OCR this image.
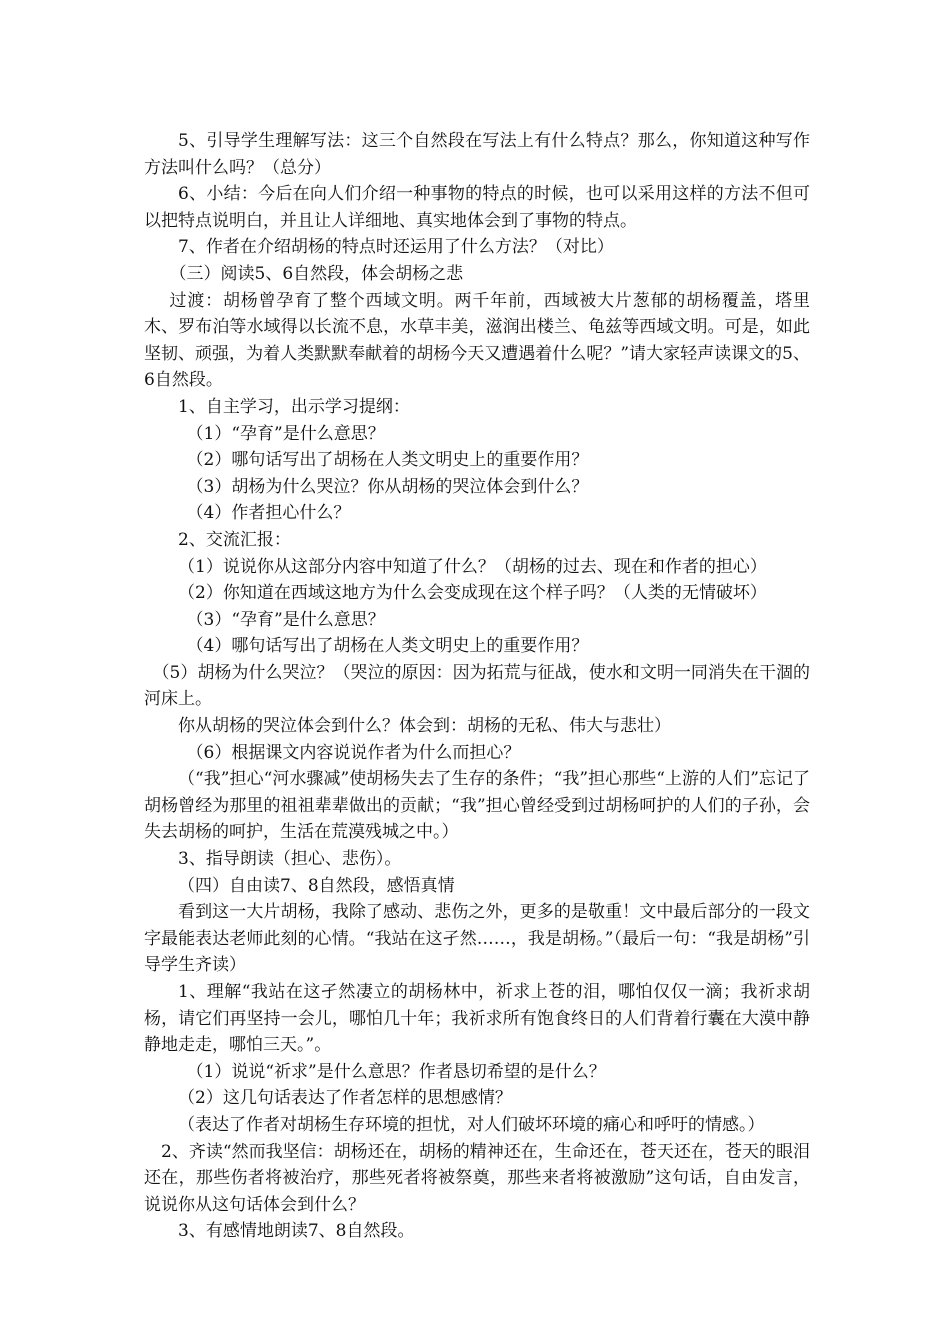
5、引导学生理解写法：这三个自然段在写法上有什么特点？那么，你知道这种写作方法叫什么吗？（总分）

6、小结：今后在向人们介绍一种事物的特点的时候，也可以采用这样的方法不但可以把特点说明白，并且让人详细地、真实地体会到了事物的特点。

7、作者在介绍胡杨的特点时还运用了什么方法？（对比）

（三）阅读5、6自然段，体会胡杨之悲

过渡：胡杨曾孕育了整个西域文明。两千年前，西域被大片葱郁的胡杨覆盖，塔里木、罗布泊等水域得以长流不息，水草丰美，滋润出楼兰、龟兹等西域文明。可是，如此坚韧、顽强，为着人类默默奉献着的胡杨今天又遭遇着什么呢？”请大家轻声读课文的5、6自然段。

1、自主学习，出示学习提纲：

（1）“孕育”是什么意思？

（2）哪句话写出了胡杨在人类文明史上的重要作用？

（3）胡杨为什么哭泣？你从胡杨的哭泣体会到什么？

（4）作者担心什么？

2、交流汇报：

（1）说说你从这部分内容中知道了什么？（胡杨的过去、现在和作者的担心）

（2）你知道在西域这地方为什么会变成现在这个样子吗？（人类的无情破坏）

（3）“孕育”是什么意思？

（4）哪句话写出了胡杨在人类文明史上的重要作用？

（5）胡杨为什么哭泣？（哭泣的原因：因为拓荒与征战，使水和文明一同消失在干涸的河床上。

你从胡杨的哭泣体会到什么？体会到：胡杨的无私、伟大与悲壮）

（6）根据课文内容说说作者为什么而担心？

（“我”担心“河水骤减”使胡杨失去了生存的条件；“我”担心那些“上游的人们”忘记了胡杨曾经为那里的祖祖辈辈做出的贡献；“我”担心曾经受到过胡杨呵护的人们的子孙，会失去胡杨的呵护，生活在荒漠残城之中。）

3、指导朗读（担心、悲伤）。

（四）自由读7、8自然段，感悟真情

看到这一大片胡杨，我除了感动、悲伤之外，更多的是敬重！文中最后部分的一段文字最能表达老师此刻的心情。“我站在这孑然……，我是胡杨。”（最后一句：“我是胡杨”引导学生齐读）

1、理解“我站在这孑然凄立的胡杨林中，祈求上苍的泪，哪怕仅仅一滴；我祈求胡杨，请它们再坚持一会儿，哪怕几十年；我祈求所有饱食终日的人们背着行囊在大漠中静静地走走，哪怕三天。”。

（1）说说“祈求”是什么意思？作者恳切希望的是什么？

（2）这几句话表达了作者怎样的思想感情？

（表达了作者对胡杨生存环境的担忧，对人们破坏环境的痛心和呼吁的情感。）

2、齐读“然而我坚信：胡杨还在，胡杨的精神还在，生命还在，苍天还在，苍天的眼泪还在，那些伤者将被治疗，那些死者将被祭奠，那些来者将被激励”这句话，自由发言，说说你从这句话体会到什么？

3、有感情地朗读7、8自然段。
